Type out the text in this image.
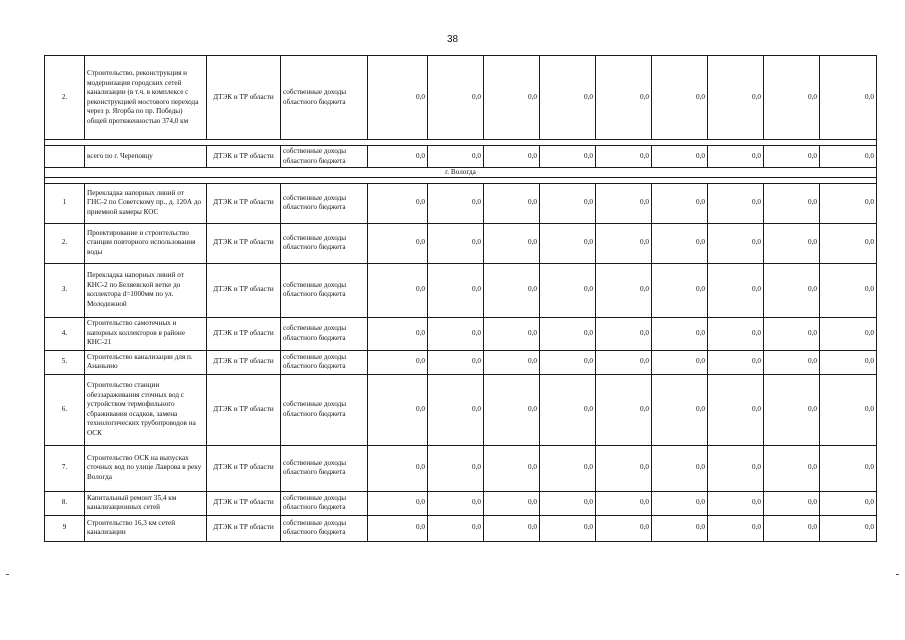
38
2.	Строительство, реконструкция и модернизация городских сетей канализации (в т.ч. в комплексе с реконструкцией мостового перехода через р. Ягорба по пр. Победы) общей протяженностью 374,0 км	ДТЭК и ТР области	собственные доходы областного бюджета	0,0	0,0	0,0	0,0	0,0	0,0	0,0	0,0	0,0

	всего по г. Череповцу	ДТЭК и ТР области	собственные доходы областного бюджета	0,0	0,0	0,0	0,0	0,0	0,0	0,0	0,0	0,0
г. Вологда												

1	Перекладка напорных линий от ГНС-2 по Советскому пр., д. 120А до приемной камеры КОС	ДТЭК и ТР области	собственные доходы областного бюджета	0,0	0,0	0,0	0,0	0,0	0,0	0,0	0,0	0,0
2.	Проектирование и строительство станции повторного использования воды	ДТЭК и ТР области	собственные доходы областного бюджета	0,0	0,0	0,0	0,0	0,0	0,0	0,0	0,0	0,0
3.	Перекладка напорных линий от КНС-2 по Беляевской ветке до коллектора d=1000мм по ул. Молодежной	ДТЭК и ТР области	собственные доходы областного бюджета	0,0	0,0	0,0	0,0	0,0	0,0	0,0	0,0	0,0
4.	Строительство самотечных и напорных коллекторов в районе КНС-21	ДТЭК и ТР области	собственные доходы областного бюджета	0,0	0,0	0,0	0,0	0,0	0,0	0,0	0,0	0,0
5.	Строительство канализации для п. Ананьино	ДТЭК и ТР области	собственные доходы областного бюджета	0,0	0,0	0,0	0,0	0,0	0,0	0,0	0,0	0,0
6.	Строительство станции обеззараживания сточных вод с устройством термофильного сбраживания осадков, замена технологических трубопроводов на ОСК	ДТЭК и ТР области	собственные доходы областного бюджета	0,0	0,0	0,0	0,0	0,0	0,0	0,0	0,0	0,0
7.	Строительство ОСК на выпусках сточных вод по улице Лаврова в реку Вологда	ДТЭК и ТР области	собственные доходы областного бюджета	0,0	0,0	0,0	0,0	0,0	0,0	0,0	0,0	0,0
8.	Капитальный ремонт 35,4 км канализационных сетей	ДТЭК и ТР области	собственные доходы областного бюджета	0,0	0,0	0,0	0,0	0,0	0,0	0,0	0,0	0,0
9	Строительство 16,3 км сетей канализации	ДТЭК и ТР области	собственные доходы областного бюджета	0,0	0,0	0,0	0,0	0,0	0,0	0,0	0,0	0,0
